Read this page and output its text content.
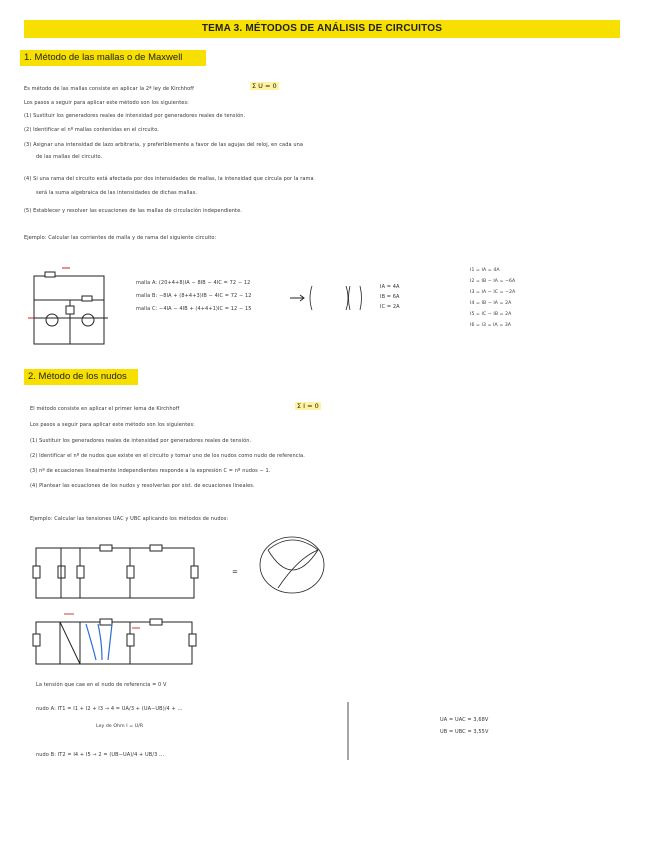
TEMA 3. MÉTODOS DE ANÁLISIS DE CIRCUITOS
1. Método de las mallas o de Maxwell
Es método de las mallas consiste en aplicar la 2ª ley de Kirchhoff	Σ U = 0
Los pasos a seguir para aplicar este método son los siguientes:
(1) Sustituir los generadores reales de intensidad por generadores reales de tensión.
(2) Identificar el nº mallas contenidas en el circuito.
(3) Asignar una intensidad de lazo arbitraria, y preferiblemente a favor de las agujas del reloj, en cada una
de las mallas del circuito.
(4) Si una rama del circuito está afectada por dos intensidades de mallas, la intensidad que circula por la rama
será la suma algebraica de las intensidades de dichas mallas.
(5) Establecer y resolver las ecuaciones de las mallas de circulación independiente.
Ejemplo: Calcular las corrientes de malla y de rama del siguiente circuito:
malla A: (20+4+8)IA − 8IB − 4IC = 72 − 12
malla B: −8IA + (8+4+3)IB − 4IC = 72 − 12
malla C: −4IA − 4IB + (4+4+1)IC = 12 − 15
IA = 4A
IB = 6A
IC = 2A
I1 = IA = 4A
I2 = IB − IA = −6A
I3 = IA − IC = −2A
I4 = IB − IA = 2A
I5 = IC − IB = 2A
I6 = I3 = IA = 3A
2. Método de los nudos
El método consiste en aplicar el primer lema de Kirchhoff	Σ I = 0
Los pasos a seguir para aplicar este método son los siguientes:
(1) Sustituir los generadores reales de intensidad por generadores reales de tensión.
(2) Identificar el nº de nudos que existe en el circuito y tomar uno de los nudos como nudo de referencia.
(3) nº de ecuaciones linealmente independientes responde a la expresión C = nº nudos − 1.
(4) Plantear las ecuaciones de los nudos y resolverlas por sist. de ecuaciones lineales.
Ejemplo: Calcular las tensiones UAC y UBC aplicando los métodos de nudos:
La tensión que cae en el nudo de referencia = 0 V
nudo A: IT1 = I1 + I2 + I3 → 4 = UA/3 + (UA−UB)/4 + ...
Ley de Ohm I = U/R
nudo B: IT2 = I4 + I5 → 2 = (UB−UA)/4 + UB/3 ...
UA = UAC = 3,68V
UB = UBC = 3,55V
=
